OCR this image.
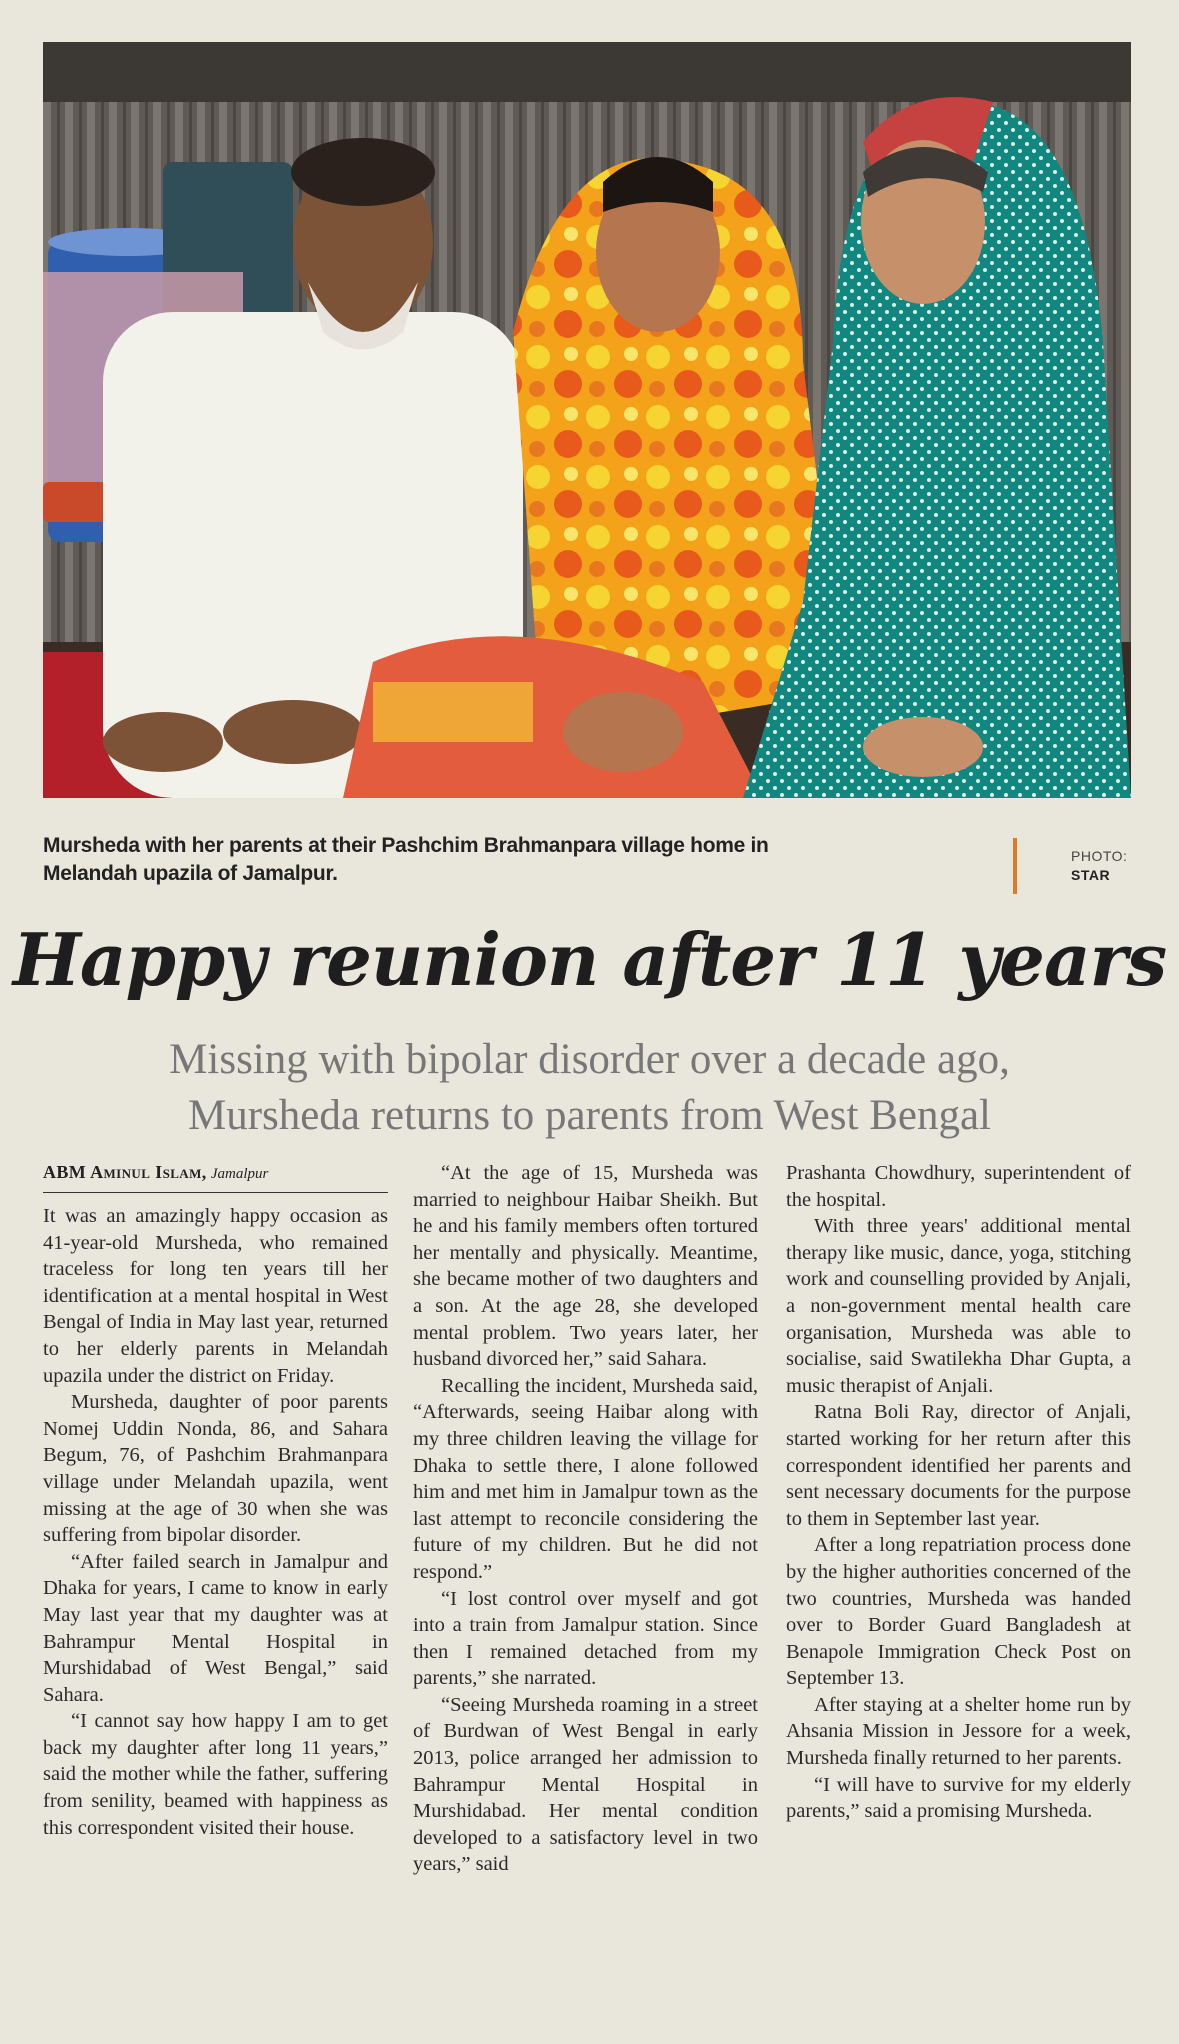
Mursheda with her parents at their Pashchim Brahmanpara village home in Melandah upazila of Jamalpur.
PHOTO:
STAR
Happy reunion after 11 years
Missing with bipolar disorder over a decade ago,
Mursheda returns to parents from West Bengal
ABM Aminul Islam, Jamalpur

It was an amazingly happy occasion as 41-year-old Mursheda, who remained traceless for long ten years till her identification at a mental hospital in West Bengal of India in May last year, returned to her elderly parents in Melandah upazila under the district on Friday.

Mursheda, daughter of poor parents Nomej Uddin Nonda, 86, and Sahara Begum, 76, of Pashchim Brahmanpara village under Melandah upazila, went missing at the age of 30 when she was suffering from bipolar disorder.

“After failed search in Jamalpur and Dhaka for years, I came to know in early May last year that my daughter was at Bahrampur Mental Hospital in Murshidabad of West Bengal,” said Sahara.

“I cannot say how happy I am to get back my daughter after long 11 years,” said the mother while the father, suffering from senility, beamed with happiness as this correspondent visited their house.

“At the age of 15, Mursheda was married to neighbour Haibar Sheikh. But he and his family members often tortured her mentally and physically. Meantime, she became mother of two daughters and a son. At the age 28, she developed mental problem. Two years later, her husband divorced her,” said Sahara.

Recalling the incident, Mursheda said, “Afterwards, seeing Haibar along with my three children leaving the village for Dhaka to settle there, I alone followed him and met him in Jamalpur town as the last attempt to reconcile considering the future of my children. But he did not respond.”

“I lost control over myself and got into a train from Jamalpur station. Since then I remained detached from my parents,” she narrated.

“Seeing Mursheda roaming in a street of Burdwan of West Bengal in early 2013, police arranged her admission to Bahrampur Mental Hospital in Murshidabad. Her mental condition developed to a satisfactory level in two years,” said

Prashanta Chowdhury, superintendent of the hospital.

With three years' additional mental therapy like music, dance, yoga, stitching work and counselling provided by Anjali, a non-government mental health care organisation, Mursheda was able to socialise, said Swatilekha Dhar Gupta, a music therapist of Anjali.

Ratna Boli Ray, director of Anjali, started working for her return after this correspondent identified her parents and sent necessary documents for the purpose to them in September last year.

After a long repatriation process done by the higher authorities concerned of the two countries, Mursheda was handed over to Border Guard Bangladesh at Benapole Immigration Check Post on September 13.

After staying at a shelter home run by Ahsania Mission in Jessore for a week, Mursheda finally returned to her parents.

“I will have to survive for my elderly parents,” said a promising Mursheda.
